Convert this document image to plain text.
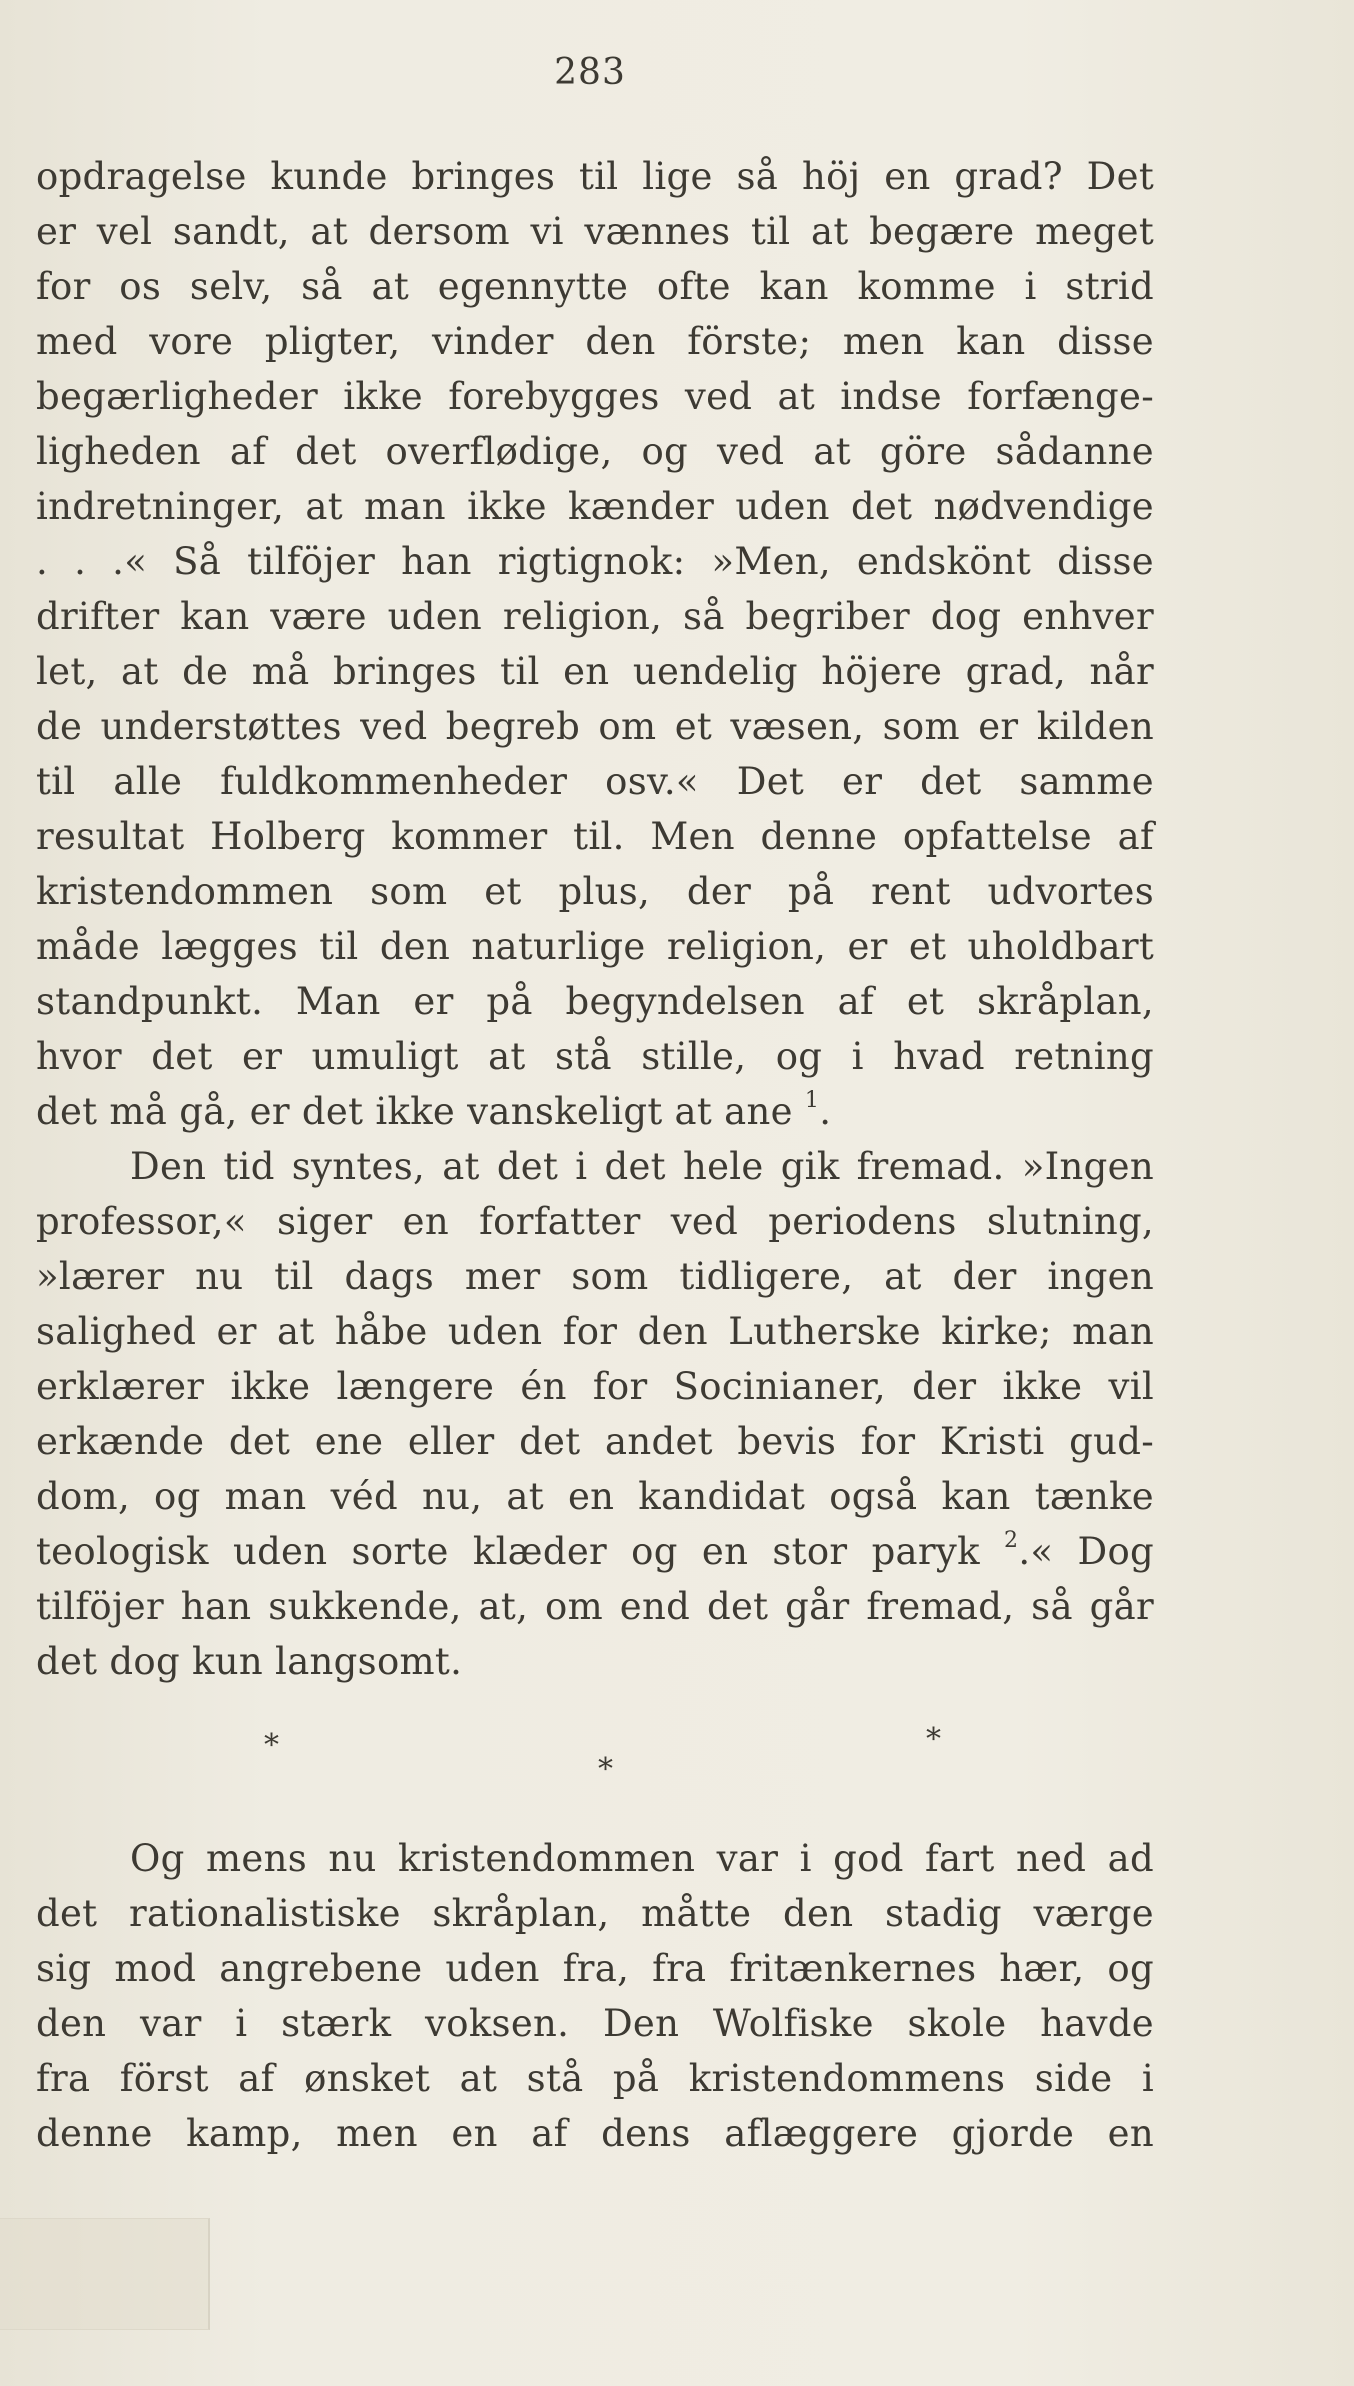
283
opdragelse kunde bringes til lige så höj en grad? Det
er vel sandt, at dersom vi vænnes til at begære meget
for os selv, så at egennytte ofte kan komme i strid
med vore pligter, vinder den förste; men kan disse
begærligheder ikke forebygges ved at indse forfænge-
ligheden af det overflødige, og ved at göre sådanne
indretninger, at man ikke kænder uden det nødvendige
. . .« Så tilföjer han rigtignok: »Men, endskönt disse
drifter kan være uden religion, så begriber dog enhver
let, at de må bringes til en uendelig höjere grad, når
de understøttes ved begreb om et væsen, som er kilden
til alle fuldkommenheder osv.« Det er det samme
resultat Holberg kommer til. Men denne opfattelse af
kristendommen som et plus, der på rent udvortes
måde lægges til den naturlige religion, er et uholdbart
standpunkt. Man er på begyndelsen af et skråplan,
hvor det er umuligt at stå stille, og i hvad retning
det må gå, er det ikke vanskeligt at ane $^1$.
Den tid syntes, at det i det hele gik fremad. »Ingen
professor,« siger en forfatter ved periodens slutning,
»lærer nu til dags mer som tidligere, at der ingen
salighed er at håbe uden for den Lutherske kirke; man
erklærer ikke længere én for Socinianer, der ikke vil
erkænde det ene eller det andet bevis for Kristi gud-
dom, og man véd nu, at en kandidat også kan tænke
teologisk uden sorte klæder og en stor paryk $^2$.« Dog
tilföjer han sukkende, at, om end det går fremad, så går
det dog kun langsomt.
*	*
*
Og mens nu kristendommen var i god fart ned ad
det rationalistiske skråplan, måtte den stadig værge
sig mod angrebene uden fra, fra fritænkernes hær, og
den var i stærk voksen. Den Wolfiske skole havde
fra först af ønsket at stå på kristendommens side i
denne kamp, men en af dens aflæggere gjorde en
